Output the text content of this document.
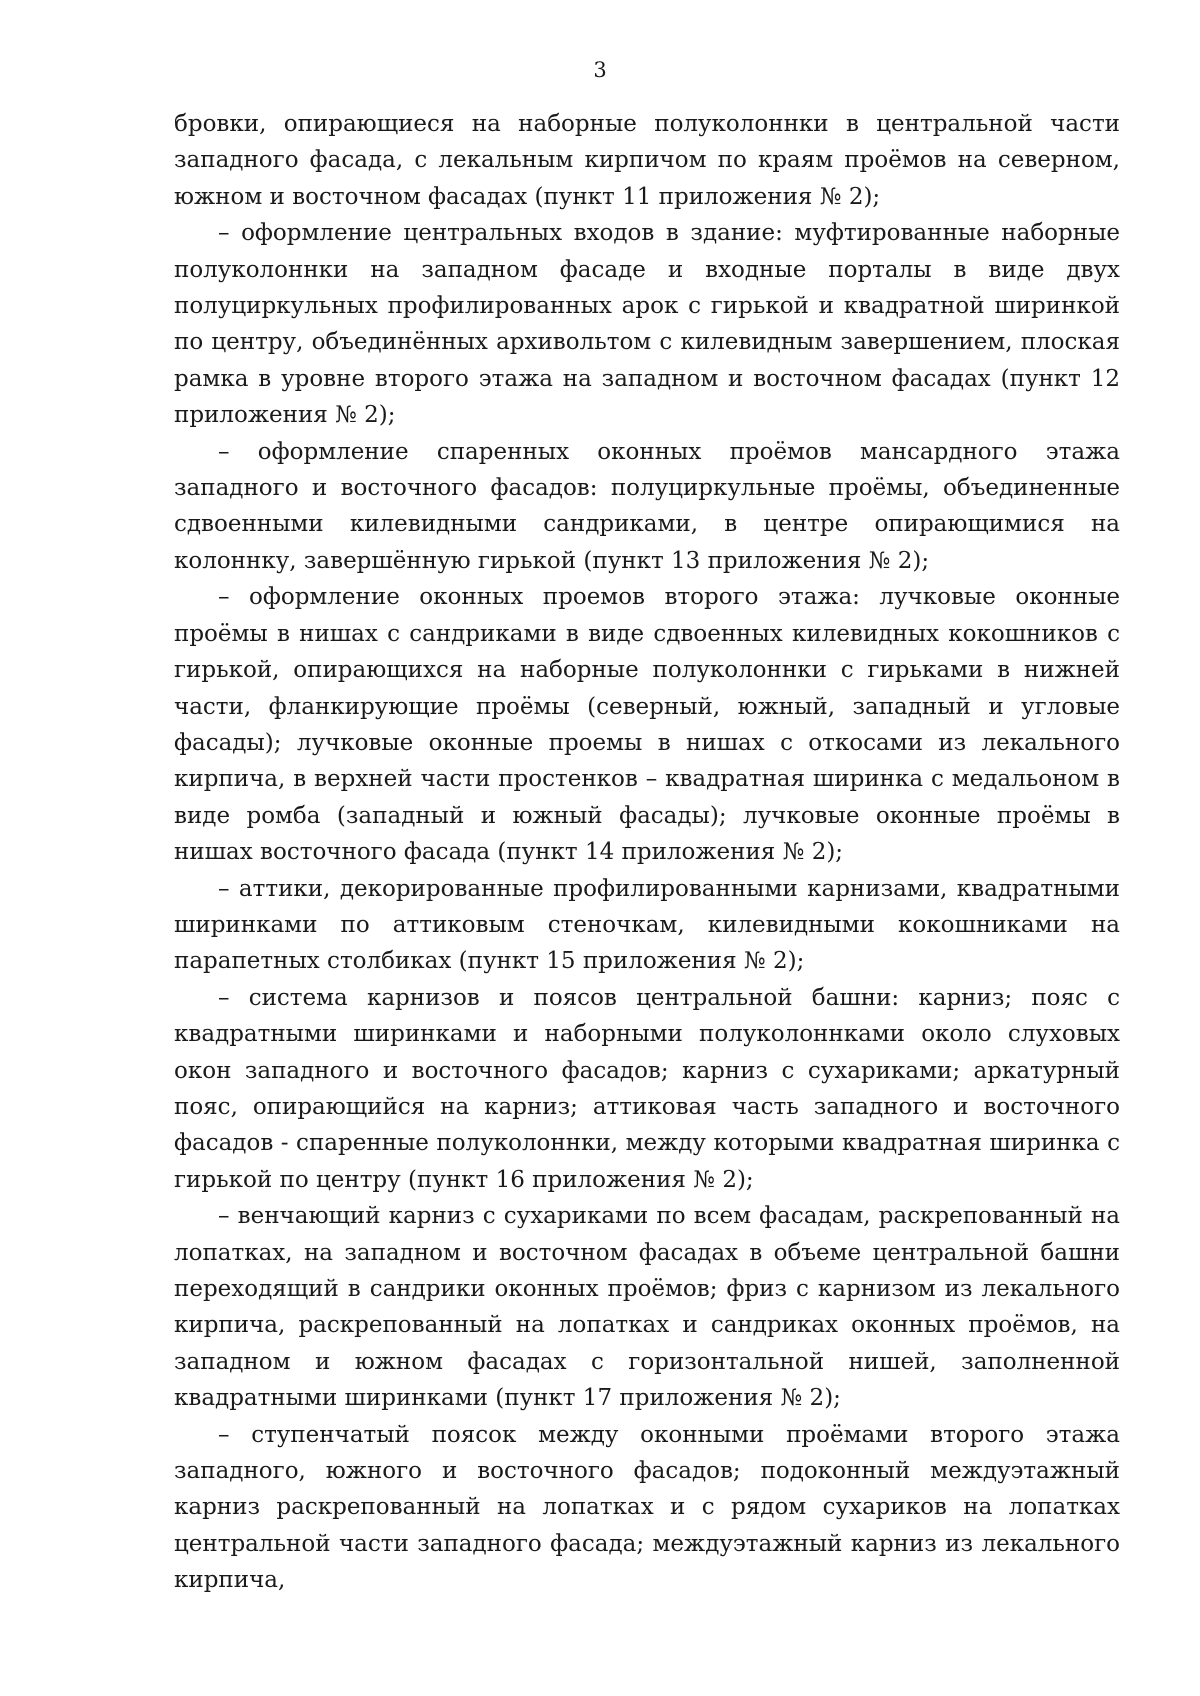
3

бровки, опирающиеся на наборные полуколоннки в центральной части западного фасада, с лекальным кирпичом по краям проёмов на северном, южном и восточном фасадах (пункт 11 приложения № 2);

– оформление центральных входов в здание: муфтированные наборные полуколоннки на западном фасаде и входные порталы в виде двух полуциркульных профилированных арок с гирькой и квадратной ширинкой по центру, объединённых архивольтом с килевидным завершением, плоская рамка в уровне второго этажа на западном и восточном фасадах (пункт 12 приложения № 2);

– оформление спаренных оконных проёмов мансардного этажа западного и восточного фасадов: полуциркульные проёмы, объединенные сдвоенными килевидными сандриками, в центре опирающимися на колоннку, завершённую гирькой (пункт 13 приложения № 2);

– оформление оконных проемов второго этажа: лучковые оконные проёмы в нишах с сандриками в виде сдвоенных килевидных кокошников с гирькой, опирающихся на наборные полуколоннки с гирьками в нижней части, фланкирующие проёмы (северный, южный, западный и угловые фасады); лучковые оконные проемы в нишах с откосами из лекального кирпича, в верхней части простенков – квадратная ширинка с медальоном в виде ромба (западный и южный фасады); лучковые оконные проёмы в нишах восточного фасада (пункт 14 приложения № 2);

– аттики, декорированные профилированными карнизами, квадратными ширинками по аттиковым стеночкам, килевидными кокошниками на парапетных столбиках (пункт 15 приложения № 2);

– система карнизов и поясов центральной башни: карниз; пояс с квадратными ширинками и наборными полуколоннками около слуховых окон западного и восточного фасадов; карниз с сухариками; аркатурный пояс, опирающийся на карниз; аттиковая часть западного и восточного фасадов - спаренные полуколоннки, между которыми квадратная ширинка с гирькой по центру (пункт 16 приложения № 2);

– венчающий карниз с сухариками по всем фасадам, раскрепованный на лопатках, на западном и восточном фасадах в объеме центральной башни переходящий в сандрики оконных проёмов; фриз с карнизом из лекального кирпича, раскрепованный на лопатках и сандриках оконных проёмов, на западном и южном фасадах с горизонтальной нишей, заполненной квадратными ширинками (пункт 17 приложения № 2);

– ступенчатый поясок между оконными проёмами второго этажа западного, южного и восточного фасадов; подоконный междуэтажный карниз раскрепованный на лопатках и с рядом сухариков на лопатках центральной части западного фасада; междуэтажный карниз из лекального кирпича,
